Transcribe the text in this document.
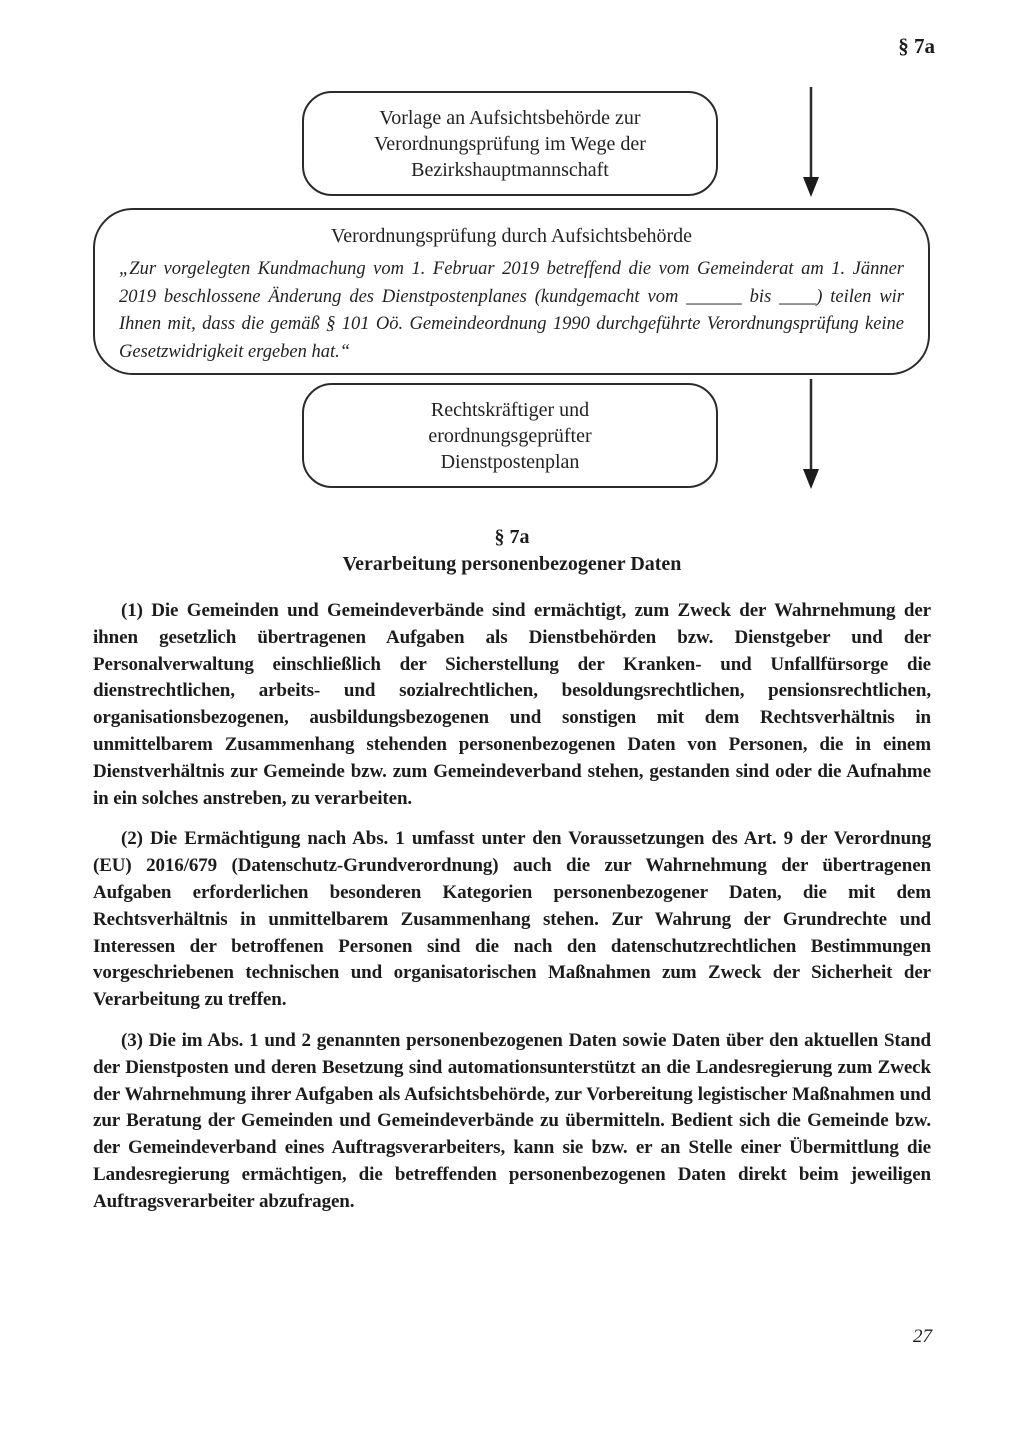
§ 7a
Vorlage an Aufsichtsbehörde zur
Verordnungsprüfung im Wege der
Bezirkshauptmannschaft

Verordnungsprüfung durch Aufsichtsbehörde

„Zur vorgelegten Kundmachung vom 1. Februar 2019 betreffend die vom Gemeinderat am 1. Jänner 2019 beschlossene Änderung des Dienstpostenplanes (kundgemacht vom ______ bis ____) teilen wir Ihnen mit, dass die gemäß § 101 Oö. Gemeindeordnung 1990 durchgeführte Verordnungsprüfung keine Gesetzwidrigkeit ergeben hat.“

Rechtskräftiger und
erordnungsgeprüfter
Dienstpostenplan
§ 7a
Verarbeitung personenbezogener Daten

(1) Die Gemeinden und Gemeindeverbände sind ermächtigt, zum Zweck der Wahrnehmung der ihnen gesetzlich übertragenen Aufgaben als Dienstbehörden bzw. Dienstgeber und der Personalverwaltung einschließlich der Sicherstellung der Kranken- und Unfallfürsorge die dienstrechtlichen, arbeits- und sozialrechtlichen, besoldungsrechtlichen, pensionsrechtlichen, organisationsbezogenen, ausbildungsbezogenen und sonstigen mit dem Rechtsverhältnis in unmittelbarem Zusammenhang stehenden personenbezogenen Daten von Personen, die in einem Dienstverhältnis zur Gemeinde bzw. zum Gemeindeverband stehen, gestanden sind oder die Aufnahme in ein solches anstreben, zu verarbeiten.

(2) Die Ermächtigung nach Abs. 1 umfasst unter den Voraussetzungen des Art. 9 der Verordnung (EU) 2016/679 (Datenschutz-Grundverordnung) auch die zur Wahrnehmung der übertragenen Aufgaben erforderlichen besonderen Kategorien personenbezogener Daten, die mit dem Rechtsverhältnis in unmittelbarem Zusammenhang stehen. Zur Wahrung der Grundrechte und Interessen der betroffenen Personen sind die nach den datenschutzrechtlichen Bestimmungen vorgeschriebenen technischen und organisatorischen Maßnahmen zum Zweck der Sicherheit der Verarbeitung zu treffen.

(3) Die im Abs. 1 und 2 genannten personenbezogenen Daten sowie Daten über den aktuellen Stand der Dienstposten und deren Besetzung sind automationsunterstützt an die Landesregierung zum Zweck der Wahrnehmung ihrer Aufgaben als Aufsichtsbehörde, zur Vorbereitung legistischer Maßnahmen und zur Beratung der Gemeinden und Gemeindeverbände zu übermitteln. Bedient sich die Gemeinde bzw. der Gemeindeverband eines Auftragsverarbeiters, kann sie bzw. er an Stelle einer Übermittlung die Landesregierung ermächtigen, die betreffenden personenbezogenen Daten direkt beim jeweiligen Auftragsverarbeiter abzufragen.

27
